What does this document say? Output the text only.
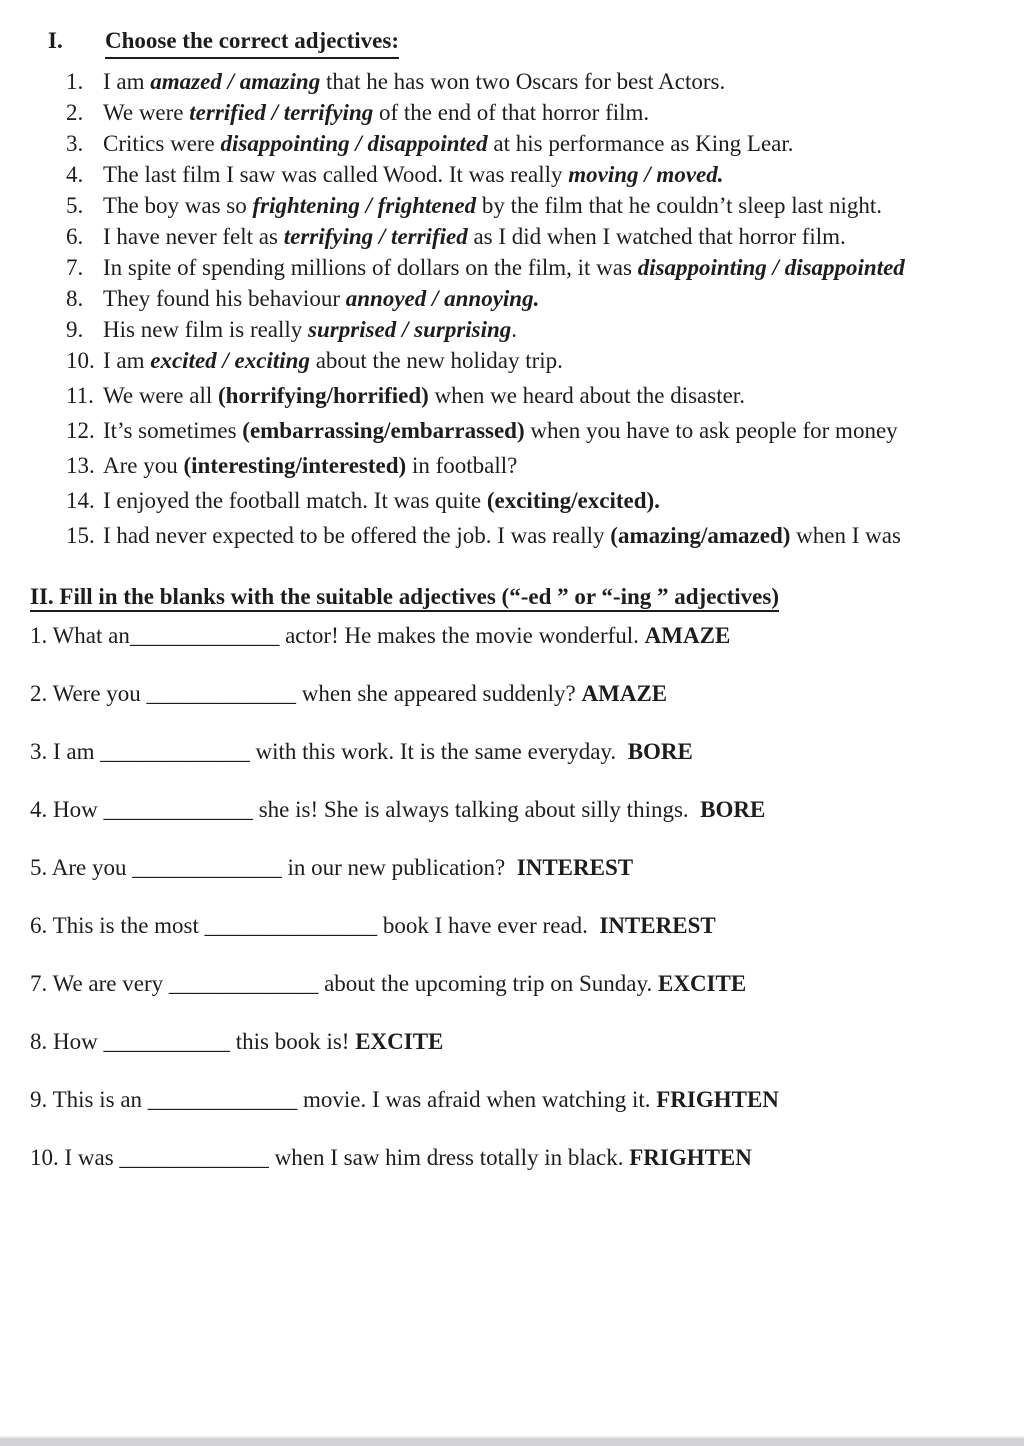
I.	Choose the correct adjectives:
1. I am amazed / amazing that he has won two Oscars for best Actors.
2. We were terrified / terrifying of the end of that horror film.
3. Critics were disappointing / disappointed at his performance as King Lear.
4. The last film I saw was called Wood. It was really moving / moved.
5. The boy was so frightening / frightened by the film that he couldn’t sleep last night.
6. I have never felt as terrifying / terrified as I did when I watched that horror film.
7. In spite of spending millions of dollars on the film, it was disappointing / disappointed
8. They found his behaviour annoyed / annoying.
9. His new film is really surprised / surprising.
10. I am excited / exciting about the new holiday trip.
11. We were all (horrifying/horrified) when we heard about the disaster.
12. It’s sometimes (embarrassing/embarrassed) when you have to ask people for money
13. Are you (interesting/interested) in football?
14. I enjoyed the football match. It was quite (exciting/excited).
15. I had never expected to be offered the job. I was really (amazing/amazed) when I was
II. Fill in the blanks with the suitable adjectives (“-ed ” or “-ing ” adjectives)
1. What an_____________ actor! He makes the movie wonderful. AMAZE
2. Were you _____________ when she appeared suddenly? AMAZE
3. I am _____________ with this work. It is the same everyday.  BORE
4. How _____________ she is! She is always talking about silly things.  BORE
5. Are you _____________ in our new publication?  INTEREST
6. This is the most _______________ book I have ever read.  INTEREST
7. We are very _____________ about the upcoming trip on Sunday. EXCITE
8. How ___________ this book is! EXCITE
9. This is an _____________ movie. I was afraid when watching it. FRIGHTEN
10. I was _____________ when I saw him dress totally in black. FRIGHTEN
